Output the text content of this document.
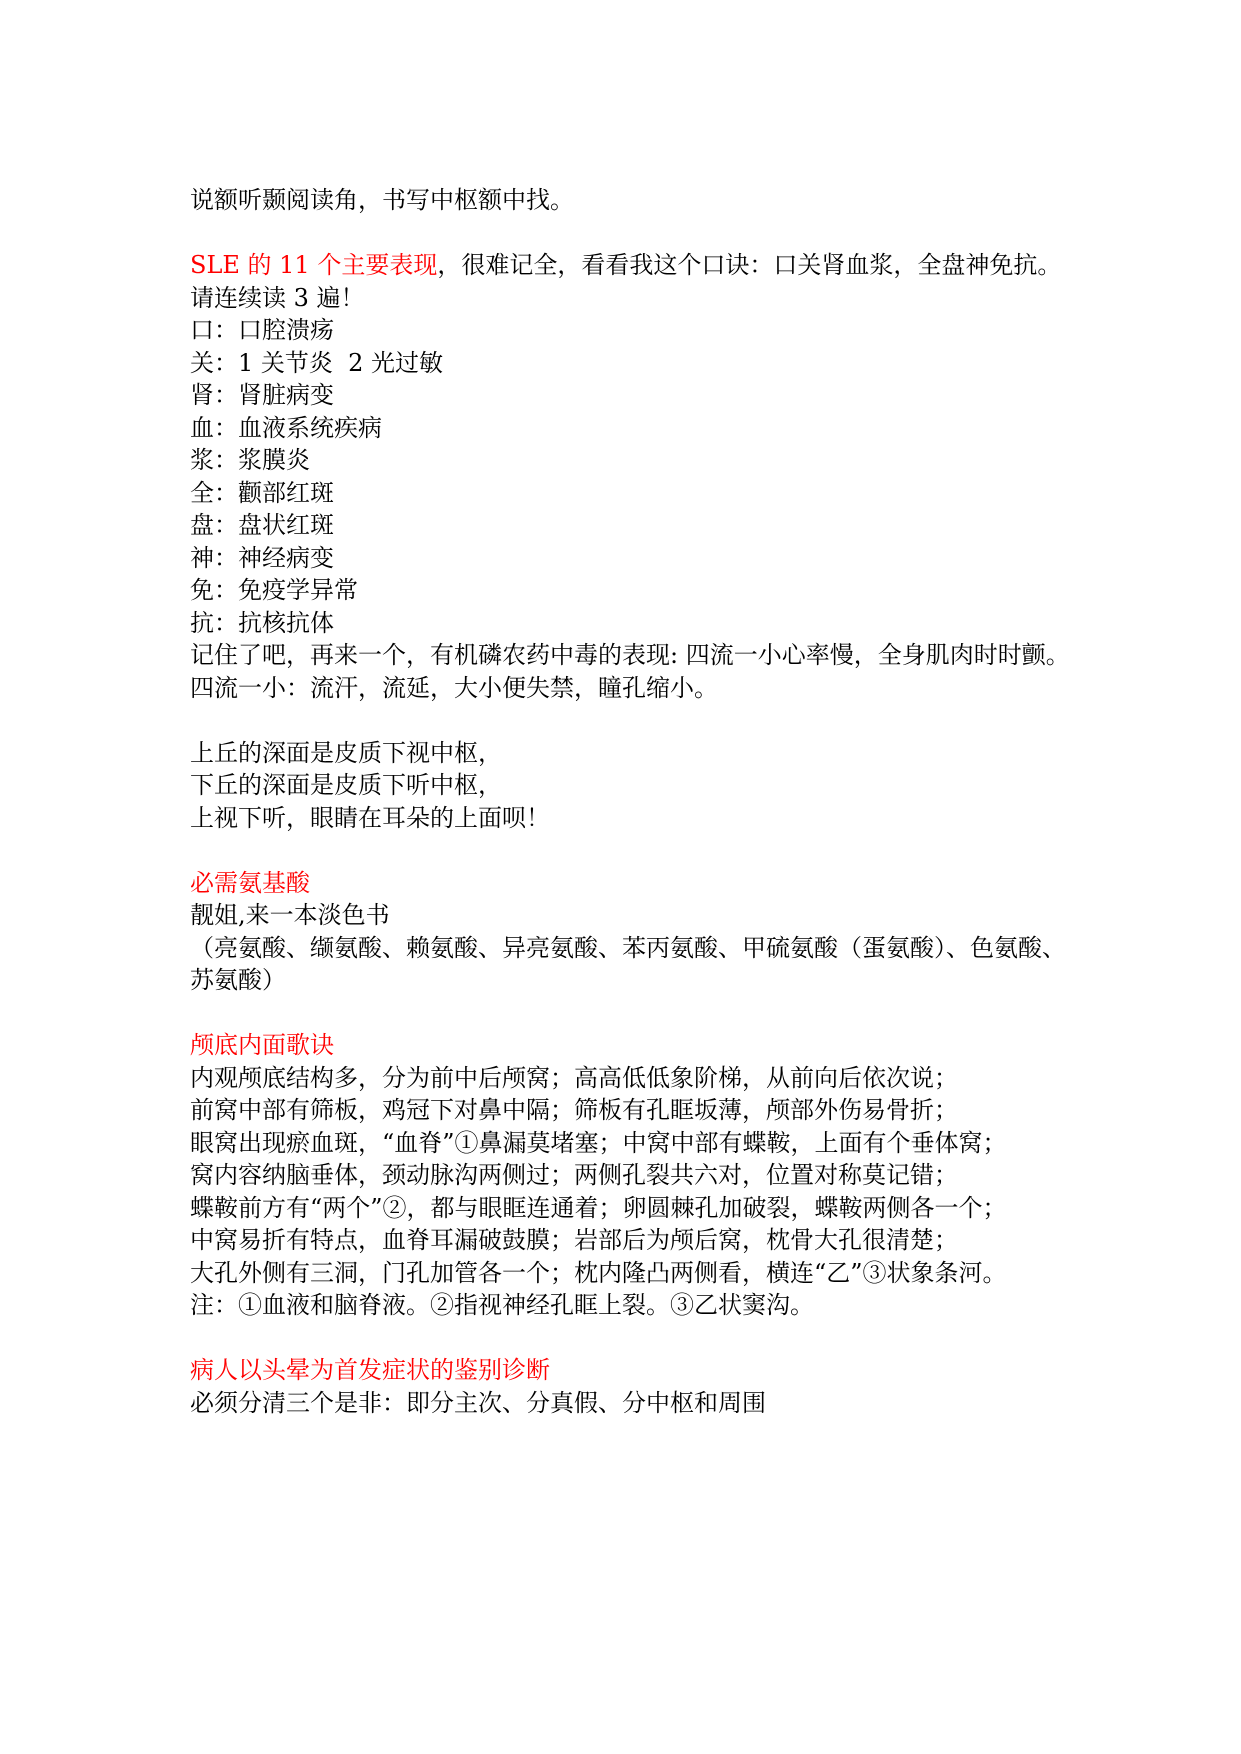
说额听颞阅读角，书写中枢额中找。

SLE 的 11 个主要表现，很难记全，看看我这个口诀：口关肾血浆，全盘神免抗。

请连续读 3 遍！

口：口腔溃疡

关：1 关节炎  2 光过敏

肾：肾脏病变

血：血液系统疾病

浆：浆膜炎

全：颧部红斑

盘：盘状红斑

神：神经病变

免：免疫学异常

抗：抗核抗体

记住了吧，再来一个，有机磷农药中毒的表现: 四流一小心率慢，全身肌肉时时颤。

四流一小：流汗，流延，大小便失禁，瞳孔缩小。

上丘的深面是皮质下视中枢，

下丘的深面是皮质下听中枢，

上视下听，眼睛在耳朵的上面呗！

必需氨基酸

靓姐,来一本淡色书

（亮氨酸、缬氨酸、赖氨酸、异亮氨酸、苯丙氨酸、甲硫氨酸（蛋氨酸）、色氨酸、苏氨酸）

颅底内面歌诀

内观颅底结构多，分为前中后颅窝；高高低低象阶梯，从前向后依次说；

前窝中部有筛板，鸡冠下对鼻中隔；筛板有孔眶坂薄，颅部外伤易骨折；

眼窝出现瘀血斑，“血脊”①鼻漏莫堵塞；中窝中部有蝶鞍，上面有个垂体窝；

窝内容纳脑垂体，颈动脉沟两侧过；两侧孔裂共六对，位置对称莫记错；

蝶鞍前方有“两个”②，都与眼眶连通着；卵圆棘孔加破裂，蝶鞍两侧各一个；

中窝易折有特点，血脊耳漏破鼓膜；岩部后为颅后窝，枕骨大孔很清楚；

大孔外侧有三洞，门孔加管各一个；枕内隆凸两侧看，横连“乙”③状象条河。

注：①血液和脑脊液。②指视神经孔眶上裂。③乙状窦沟。

病人以头晕为首发症状的鉴别诊断

必须分清三个是非：即分主次、分真假、分中枢和周围
